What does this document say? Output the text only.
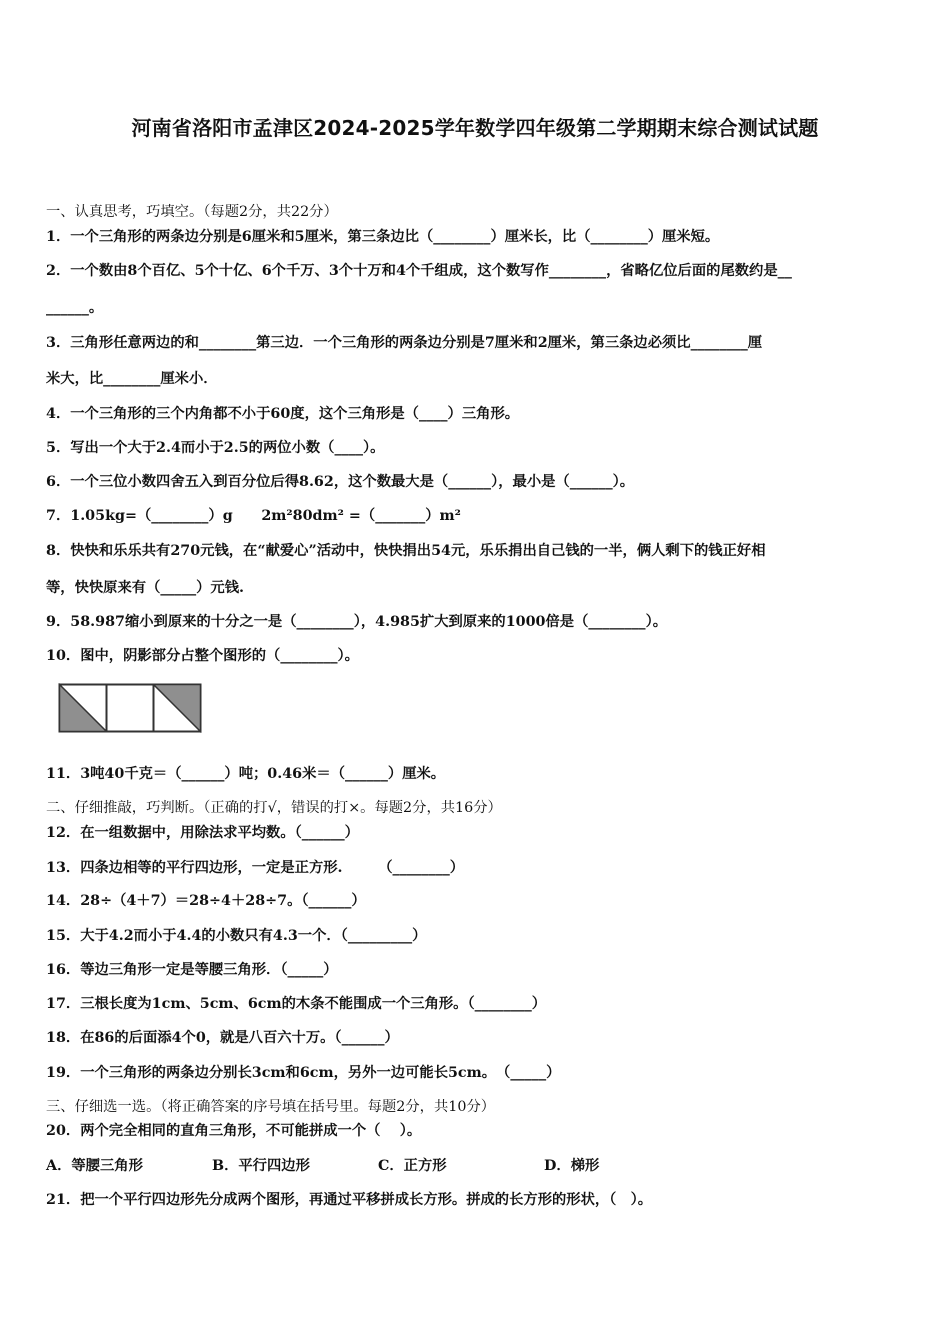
河南省洛阳市孟津区2024-2025学年数学四年级第二学期期末综合测试试题
一、认真思考，巧填空。（每题2分，共22分）
1．一个三角形的两条边分别是6厘米和5厘米，第三条边比（________）厘米长，比（________）厘米短。
2．一个数由8个百亿、5个十亿、6个千万、3个十万和4个千组成，这个数写作________，省略亿位后面的尾数约是__
______。
3．三角形任意两边的和________第三边．一个三角形的两条边分别是7厘米和2厘米，第三条边必须比________厘
米大，比________厘米小．
4．一个三角形的三个内角都不小于60度，这个三角形是（____）三角形。
5．写出一个大于2.4而小于2.5的两位小数（____）。
6．一个三位小数四舍五入到百分位后得8.62，这个数最大是（______），最小是（______）。
7．1.05kg=（________）g　　2m²80dm² =（_______）m²
8．快快和乐乐共有270元钱，在“献爱心”活动中，快快捐出54元，乐乐捐出自己钱的一半，俩人剩下的钱正好相
等，快快原来有（_____）元钱.
9．58.987缩小到原来的十分之一是（________），4.985扩大到原来的1000倍是（________）。
10．图中，阴影部分占整个图形的（________）。
11．3吨40千克＝（______）吨；0.46米＝（______）厘米。
二、仔细推敲，巧判断。（正确的打√，错误的打×。每题2分，共16分）
12．在一组数据中，用除法求平均数。（______）
13．四条边相等的平行四边形，一定是正方形.　　　（________）
14．28÷（4＋7）＝28÷4＋28÷7。（______）
15．大于4.2而小于4.4的小数只有4.3一个．（_________）
16．等边三角形一定是等腰三角形．（_____）
17．三根长度为1cm、5cm、6cm的木条不能围成一个三角形。（________）
18．在86的后面添4个0，就是八百六十万。（______）
19．一个三角形的两条边分别长3cm和6cm，另外一边可能长5cm。　（_____）
三、仔细选一选。（将正确答案的序号填在括号里。每题2分，共10分）
20．两个完全相同的直角三角形，不可能拼成一个（　 ）。
A．等腰三角形	B．平行四边形	C．正方形	D．梯形
21．把一个平行四边形先分成两个图形，再通过平移拼成长方形。拼成的长方形的形状，（　）。
